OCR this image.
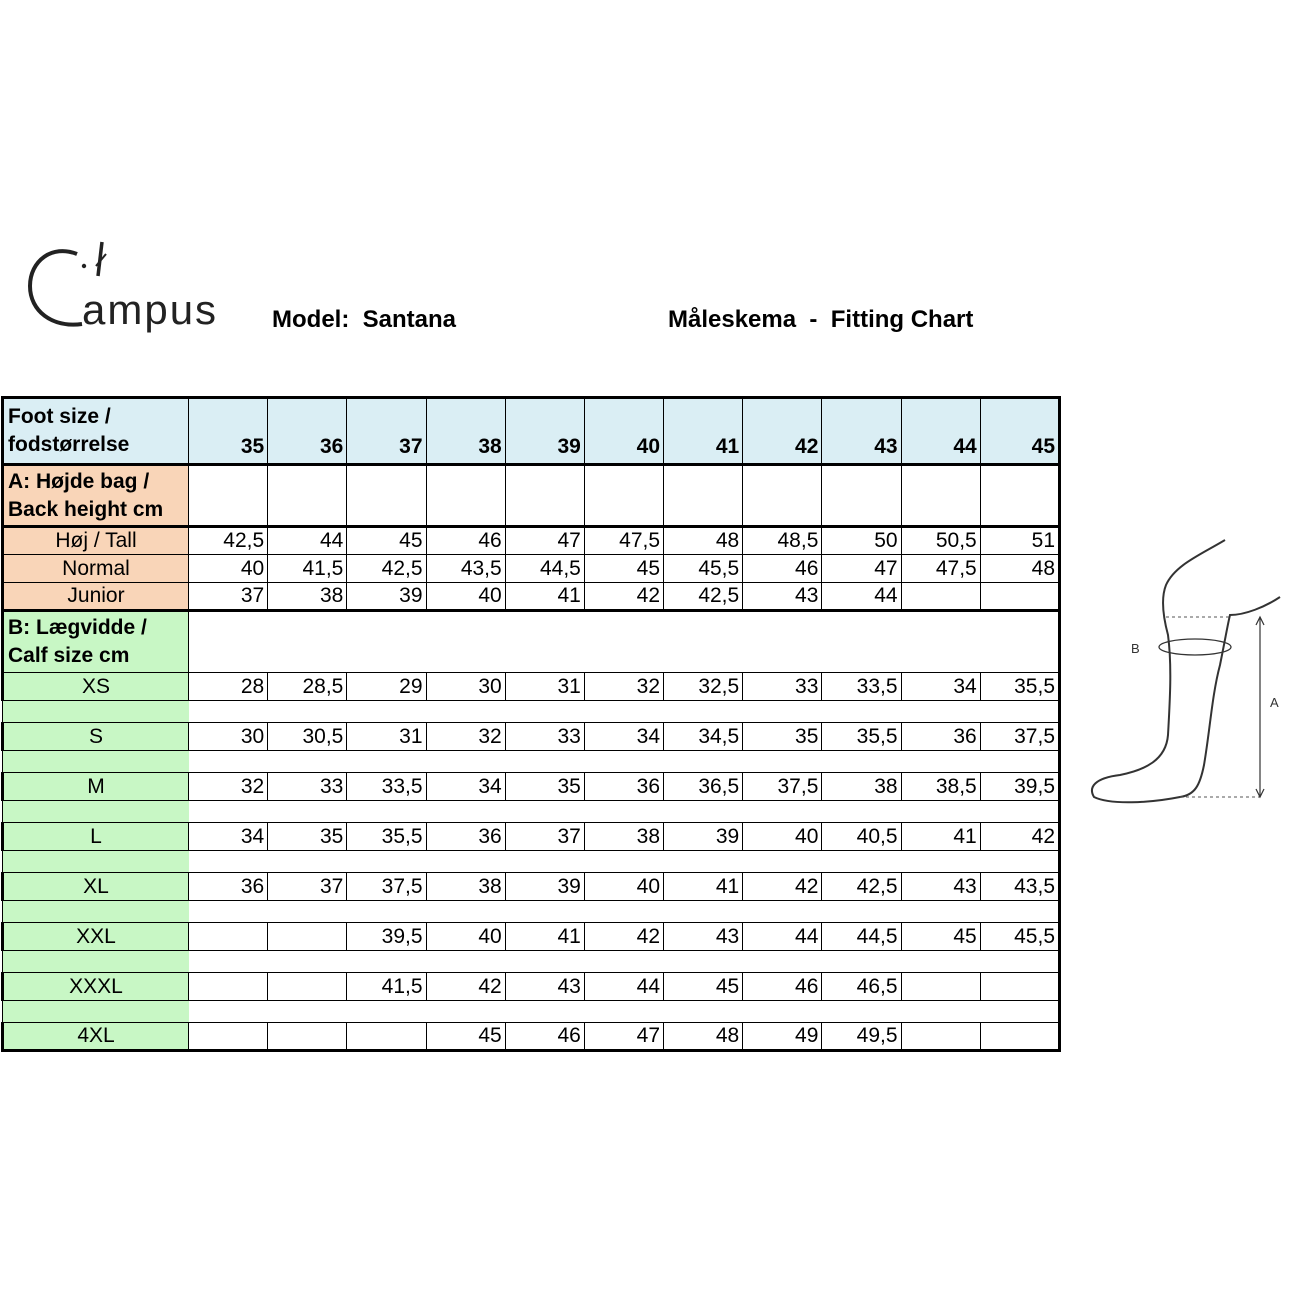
ampus Model:  Santana	Måleskema  -  Fitting Chart
Foot size /
fodstørrelse	35	36	37	38	39	40	41	42	43	44	45
A: Højde bag /
Back height cm											
Høj / Tall	42,5	44	45	46	47	47,5	48	48,5	50	50,5	51
Normal	40	41,5	42,5	43,5	44,5	45	45,5	46	47	47,5	48
Junior	37	38	39	40	41	42	42,5	43	44		
B: Lægvidde /
Calf size cm											
XS	28	28,5	29	30	31	32	32,5	33	33,5	34	35,5

S	30	30,5	31	32	33	34	34,5	35	35,5	36	37,5

M	32	33	33,5	34	35	36	36,5	37,5	38	38,5	39,5

L	34	35	35,5	36	37	38	39	40	40,5	41	42

XL	36	37	37,5	38	39	40	41	42	42,5	43	43,5

XXL			39,5	40	41	42	43	44	44,5	45	45,5

XXXL			41,5	42	43	44	45	46	46,5		

4XL				45	46	47	48	49	49,5		
B
A
